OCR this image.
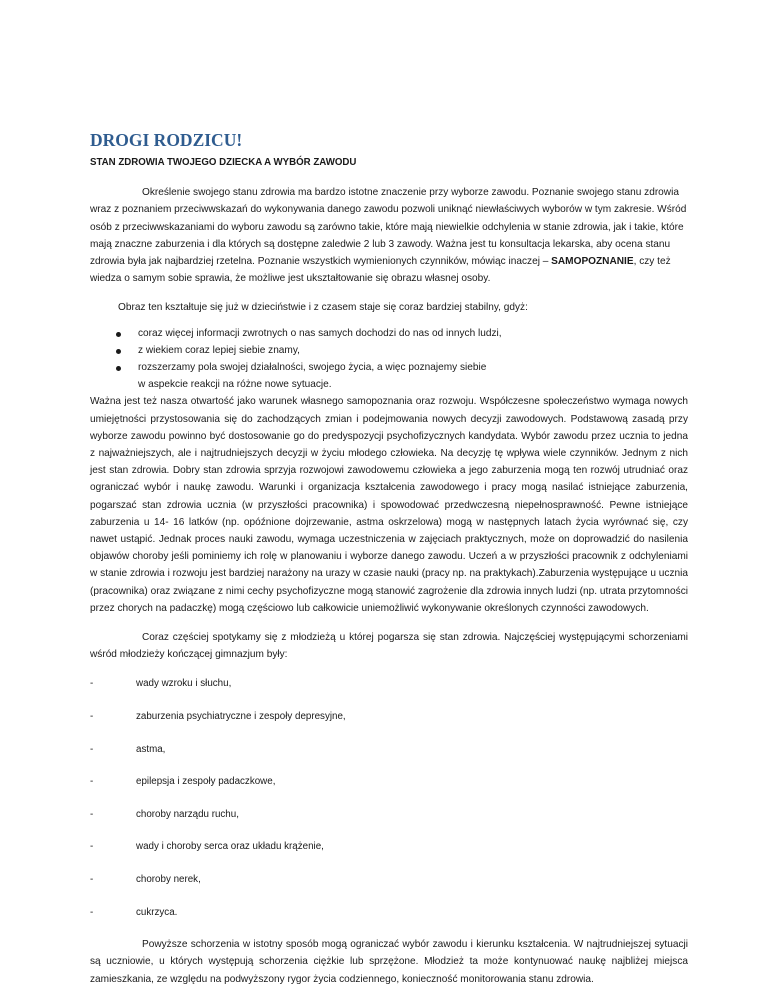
DROGI RODZICU!
STAN ZDROWIA TWOJEGO DZIECKA A WYBÓR ZAWODU

Określenie swojego stanu zdrowia ma bardzo istotne znaczenie przy wyborze zawodu. Poznanie swojego stanu zdrowia wraz z poznaniem przeciwwskazań do wykonywania danego zawodu pozwoli uniknąć niewłaściwych wyborów w tym zakresie. Wśród osób z przeciwwskazaniami do wyboru zawodu są zarówno takie, które mają niewielkie odchylenia w stanie zdrowia, jak i takie, które mają znaczne zaburzenia i dla których są dostępne zaledwie 2 lub 3 zawody. Ważna jest tu konsultacja lekarska, aby ocena stanu zdrowia była jak najbardziej rzetelna. Poznanie wszystkich wymienionych czynników, mówiąc inaczej – SAMOPOZNANIE, czy też wiedza o samym sobie sprawia, że możliwe jest ukształtowanie się obrazu własnej osoby.

Obraz ten kształtuje się już w dzieciństwie i z czasem staje się coraz bardziej stabilny, gdyż:

coraz więcej informacji zwrotnych o nas samych dochodzi do nas od innych ludzi,
z wiekiem coraz lepiej siebie znamy,
rozszerzamy pola swojej działalności, swojego życia, a więc poznajemy siebie
w aspekcie reakcji na różne nowe sytuacje.

Ważna jest też nasza otwartość jako warunek własnego samopoznania oraz rozwoju. Współczesne społeczeństwo wymaga nowych umiejętności przystosowania się do zachodzących zmian i podejmowania nowych decyzji zawodowych. Podstawową zasadą przy wyborze zawodu powinno być dostosowanie go do predyspozycji psychofizycznych kandydata. Wybór zawodu przez ucznia to jedna z najważniejszych, ale i najtrudniejszych decyzji w życiu młodego człowieka. Na decyzję tę wpływa wiele czynników. Jednym z nich jest stan zdrowia. Dobry stan zdrowia sprzyja rozwojowi zawodowemu człowieka a jego zaburzenia mogą ten rozwój utrudniać oraz ograniczać wybór i naukę zawodu. Warunki i organizacja kształcenia zawodowego i pracy mogą nasilać istniejące zaburzenia, pogarszać stan zdrowia ucznia (w przyszłości pracownika) i spowodować przedwczesną niepełnosprawność. Pewne istniejące zaburzenia u 14- 16 latków (np. opóźnione dojrzewanie, astma oskrzelowa) mogą w następnych latach życia wyrównać się, czy nawet ustąpić. Jednak proces nauki zawodu, wymaga uczestniczenia w zajęciach praktycznych, może on doprowadzić do nasilenia objawów choroby jeśli pominiemy ich rolę w planowaniu i wyborze danego zawodu. Uczeń a w przyszłości pracownik z odchyleniami w stanie zdrowia i rozwoju jest bardziej narażony na urazy w czasie nauki (pracy np. na praktykach).Zaburzenia występujące u ucznia (pracownika) oraz związane z nimi cechy psychofizyczne mogą stanowić zagrożenie dla zdrowia innych ludzi (np. utrata przytomności przez chorych na padaczkę) mogą częściowo lub całkowicie uniemożliwić wykonywanie określonych czynności zawodowych.

Coraz częściej spotykamy się z młodzieżą u której pogarsza się stan zdrowia. Najczęściej występującymi schorzeniami wśród młodzieży kończącej gimnazjum były:

-	wady wzroku i słuchu,
-	zaburzenia psychiatryczne i zespoły depresyjne,
-	astma,
-	epilepsja i zespoły padaczkowe,
-	choroby narządu ruchu,
-	wady i choroby serca oraz układu krążenie,
-	choroby nerek,
-	cukrzyca.

Powyższe schorzenia w istotny sposób mogą ograniczać wybór zawodu i kierunku kształcenia. W najtrudniejszej sytuacji są uczniowie, u których występują schorzenia ciężkie lub sprzężone. Młodzież ta może kontynuować naukę najbliżej miejsca zamieszkania, ze względu na podwyższony rygor życia codziennego, konieczność monitorowania stanu zdrowia.
